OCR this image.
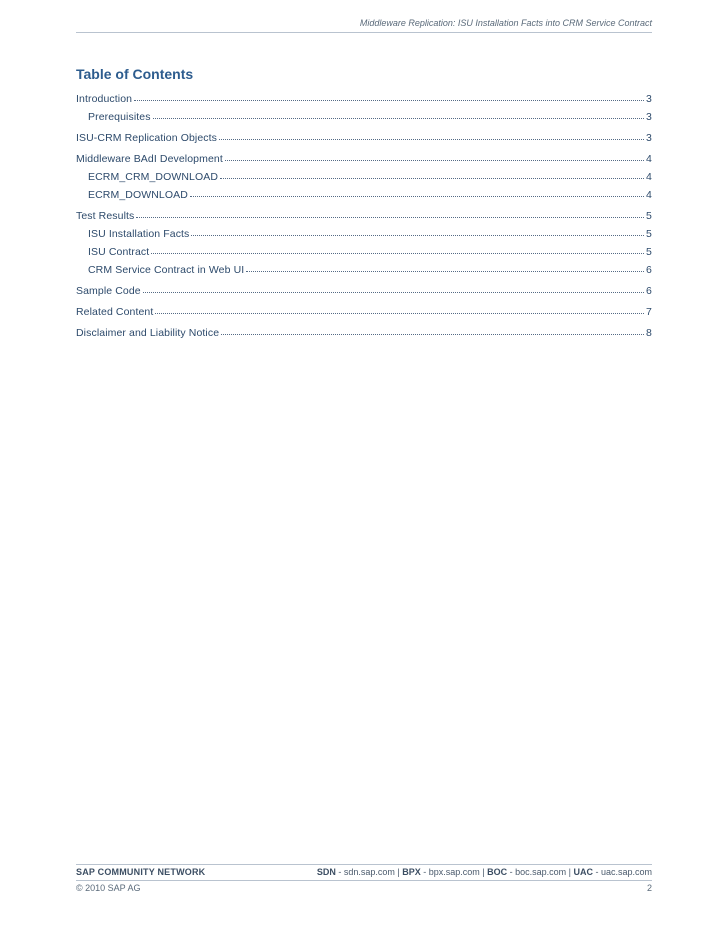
Middleware Replication: ISU Installation Facts into CRM Service Contract
Table of Contents
Introduction	3
Prerequisites	3
ISU-CRM Replication Objects	3
Middleware BAdI Development	4
ECRM_CRM_DOWNLOAD	4
ECRM_DOWNLOAD	4
Test Results	5
ISU Installation Facts	5
ISU Contract	5
CRM Service Contract in Web UI	6
Sample Code	6
Related Content	7
Disclaimer and Liability Notice	8
SAP COMMUNITY NETWORK	SDN - sdn.sap.com | BPX - bpx.sap.com | BOC - boc.sap.com | UAC - uac.sap.com
© 2010 SAP AG	2
